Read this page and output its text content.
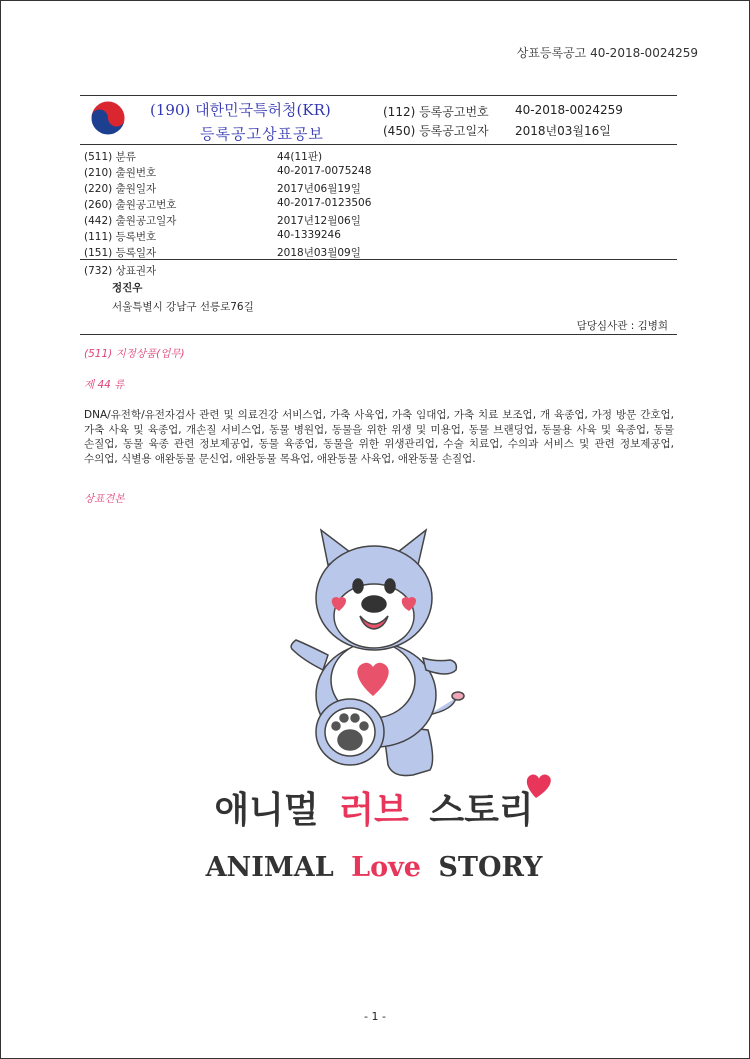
상표등록공고 40-2018-0024259
(190) 대한민국특허청(KR)
등록공고상표공보
(112) 등록공고번호 40-2018-0024259
(450) 등록공고일자 2018년03월16일
(511) 분류	44(11판)
(210) 출원번호	40-2017-0075248
(220) 출원일자	2017년06월19일
(260) 출원공고번호	40-2017-0123506
(442) 출원공고일자	2017년12월06일
(111) 등록번호	40-1339246
(151) 등록일자	2018년03월09일
(732) 상표권자
정진우
서울특별시 강남구 선릉로76길
담당심사관 : 김병희
(511) 지정상품(업무)
제 44 류
DNA/유전학/유전자검사 관련 및 의료건강 서비스업, 가축 사육업, 가축 임대업, 가축 치료 보조업, 개 육종업, 가정 방문 간호업, 가축 사육 및 육종업, 개손질 서비스업, 동물 병원업, 동물을 위한 위생 및 미용업, 동물 브랜딩업, 동물용 사육 및 육종업, 동물 손질업, 동물 육종 관련 정보제공업, 동물 육종업, 동물을 위한 위생관리업, 수술 치료업, 수의과 서비스 및 관련 정보제공업, 수의업, 식별용 애완동물 문신업, 애완동물 목욕업, 애완동물 사육업, 애완동물 손질업.
상표견본
애니멀 러브 스토리
ANIMAL Love STORY
- 1 -
